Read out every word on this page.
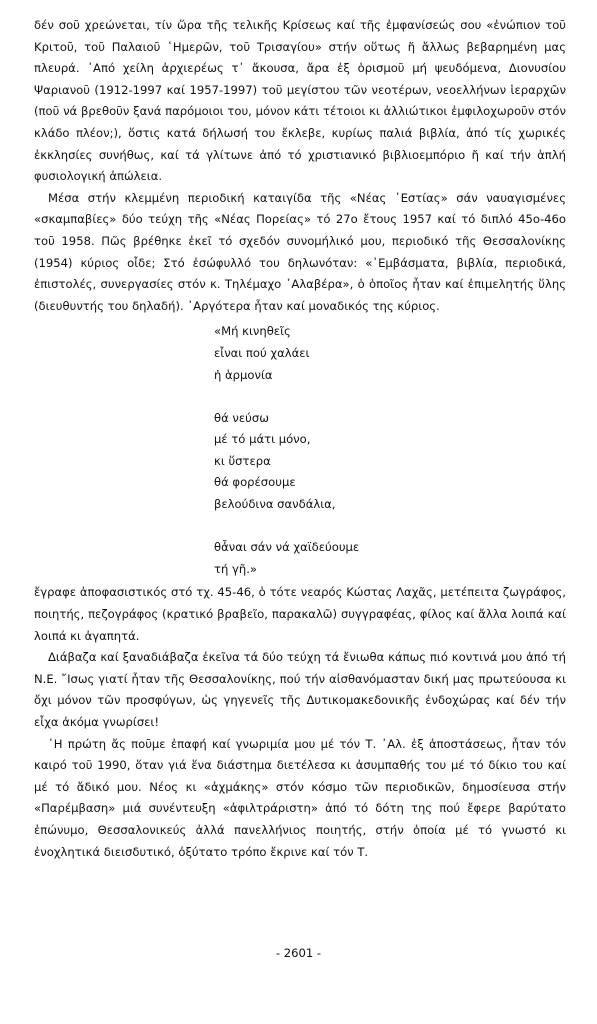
δέν σοῦ χρεώνεται, τίν ὥρα τῆς τελικῆς Κρίσεως καί τῆς ἐμφανίσεώς σου «ἐνώπιον τοῦ Κριτοῦ, τοῦ Παλαιοῦ ῾Ημερῶν, τοῦ Τρισαγίου» στήν οὕτως ἤ ἄλλως βεβαρημένη μας πλευρά. ᾿Από χείλη ἀρχιερέως τ᾿ ἄκουσα, ἄρα ἐξ ὁρισμοῦ μή ψευδόμενα, Διονυσίου Ψαριανοῦ (1912-1997 καί 1957-1997) τοῦ μεγίστου τῶν νεοτέρων, νεοελλήνων ἱεραρχῶν (ποῦ νά βρεθοῦν ξανά παρόμοιοι του, μόνον κάτι τέτοιοι κι ἀλλιώτικοι ἐμφιλοχωροῦν στόν κλάδο πλέον;), ὅστις κατά δήλωσή του ἔκλεβε, κυρίως παλιά βιβλία, ἀπό τίς χωρικές ἐκκλησίες συνήθως, καί τά γλίτωνε ἀπό τό χριστιανικό βιβλιοεμπόριο ἤ καί τήν ἁπλή φυσιολογική ἀπώλεια.

Μέσα στήν κλεμμένη περιοδική καταιγίδα τῆς «Νέας ῾Εστίας» σάν ναυαγισμένες «σκαμπαβίες» δύο τεύχη τῆς «Νέας Πορείας» τό 27ο ἔτους 1957 καί τό διπλό 45ο-46ο τοῦ 1958. Πῶς βρέθηκε ἐκεῖ τό σχεδόν συνομήλικό μου, περιοδικό τῆς Θεσσαλονίκης (1954) κύριος οἶδε; Στό ἐσώφυλλό του δηλωνόταν: «᾿Εμβάσματα, βιβλία, περιοδικά, ἐπιστολές, συνεργασίες στόν κ. Τηλέμαχο ᾿Αλαβέρα», ὁ ὁποῖος ἦταν καί ἐπιμελητής ὕλης (διευθυντής του δηλαδή). ᾿Αργότερα ἦταν καί μοναδικός της κύριος.

«Μή κινηθεῖς
εἶναι πού χαλάει
ἡ ἁρμονία
θά νεύσω
μέ τό μάτι μόνο,
κι ὕστερα
θά φορέσουμε
βελούδινα σανδάλια,
θἆναι σάν νά χαϊδεύουμε
τή γῆ.»

ἔγραφε ἀποφασιστικός στό τχ. 45-46, ὁ τότε νεαρός Κώστας Λαχᾶς, μετέπειτα ζωγράφος, ποιητής, πεζογράφος (κρατικό βραβεῖο, παρακαλῶ) συγγραφέας, φίλος καί ἄλλα λοιπά καί λοιπά κι ἀγαπητά.

Διάβαζα καί ξαναδιάβαζα ἐκεῖνα τά δύο τεύχη τά ἔνιωθα κάπως πιό κοντινά μου ἀπό τή Ν.Ε. ῎Ισως γιατί ἦταν τῆς Θεσσαλονίκης, πού τήν αἰσθανόμασταν δική μας πρωτεύουσα κι ὄχι μόνον τῶν προσφύγων, ὡς γηγενεῖς τῆς Δυτικομακεδονικῆς ἐνδοχώρας καί δέν τήν εἶχα ἀκόμα γνωρίσει!

῾Η πρώτη ἄς ποῦμε ἐπαφή καί γνωριμία μου μέ τόν Τ. ᾿Αλ. ἐξ ἀποστάσεως, ἦταν τόν καιρό τοῦ 1990, ὅταν γιά ἕνα διάστημα διετέλεσα κι ἀσυμπαθής του μέ τό δίκιο του καί μέ τό ἄδικό μου. Νέος κι «ἀχμάκης» στόν κόσμο τῶν περιοδικῶν, δημοσίευσα στήν «Παρέμβαση» μιά συνέντευξη «ἀφιλτράριστη» ἀπό τό δότη της πού ἔφερε βαρύτατο ἐπώνυμο, Θεσσαλονικεύς ἀλλά πανελλήνιος ποιητής, στήν ὁποία μέ τό γνωστό κι ἐνοχλητικά διεισδυτικό, ὀξύτατο τρόπο ἔκρινε καί τόν Τ.

- 2601 -
